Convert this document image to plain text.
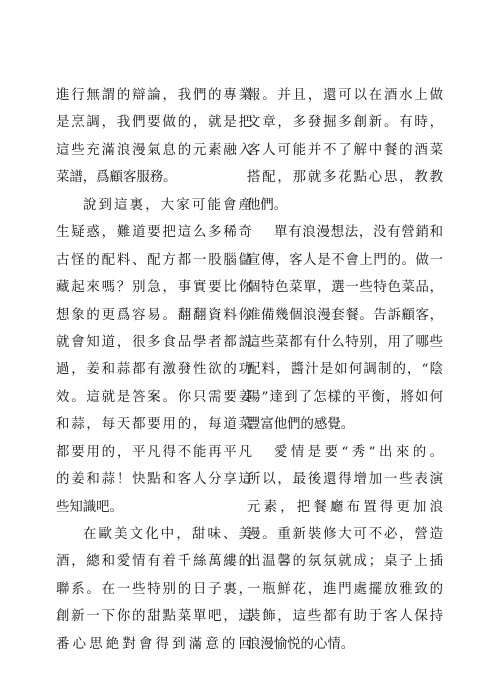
進行無謂的辯論，我們的專業
是烹調，我們要做的，就是把
這些充滿浪漫氣息的元素融入
菜譜，爲顧客服務。
說到這裏，大家可能會産
生疑惑，難道要把這么多稀奇
古怪的配料、配方都一股腦儲
藏起來嗎？别急，事實要比你
想象的更爲容易。翻翻資料你
就會知道，很多食品學者都説
過，姜和蒜都有激發性欲的功
效。這就是答案。你只需要姜
和蒜，每天都要用的，每道菜
都要用的，平凡得不能再平凡
的姜和蒜！快點和客人分享這
些知識吧。
在歐美文化中，甜味、美
酒，總和愛情有着千絲萬縷的
聯系。在一些特别的日子裏，
創新一下你的甜點菜單吧，這
番心思絶對會得到滿意的回
報。并且，還可以在酒水上做
文章，多發掘多創新。有時，
客人可能并不了解中餐的酒菜
搭配，那就多花點心思，教教
他們。
單有浪漫想法，没有營銷和
宣傳，客人是不會上門的。做一
個特色菜單，選一些特色菜品，
准備幾個浪漫套餐。告訴顧客，
這些菜都有什么特别，用了哪些
配料，醬汁是如何調制的，“陰
陽”達到了怎樣的平衡，將如何
豐富他們的感覺。
愛情是要“秀”出來的。
所以，最後還得增加一些表演
元素，把餐廳布置得更加浪
漫。重新裝修大可不必，營造
出温馨的氛氛就成；桌子上插
一瓶鮮花，進門處擺放雅致的
裝飾，這些都有助于客人保持
浪漫愉悦的心情。
